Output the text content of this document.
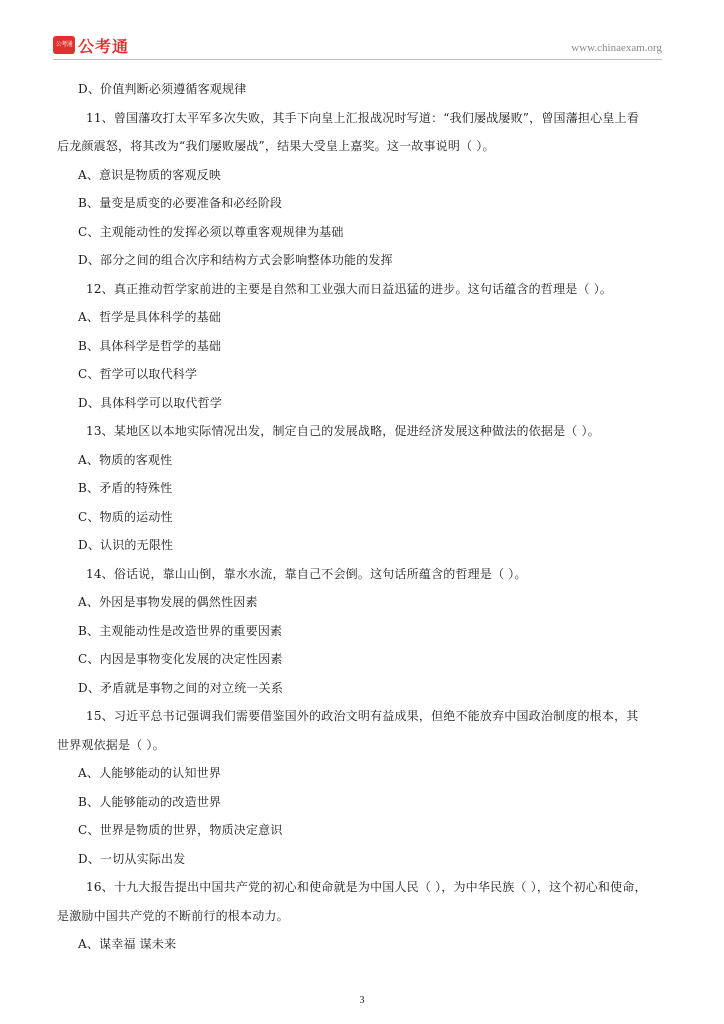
公考通 公考通	www.chinaexam.org
D、价值判断必须遵循客观规律
11、曾国藩攻打太平军多次失败，其手下向皇上汇报战况时写道：“我们屡战屡败”，曾国藩担心皇上看
后龙颜震怒，将其改为“我们屡败屡战”，结果大受皇上嘉奖。这一故事说明（ ）。
A、意识是物质的客观反映
B、量变是质变的必要准备和必经阶段
C、主观能动性的发挥必须以尊重客观规律为基础
D、部分之间的组合次序和结构方式会影响整体功能的发挥
12、真正推动哲学家前进的主要是自然和工业强大而日益迅猛的进步。这句话蕴含的哲理是（ ）。
A、哲学是具体科学的基础
B、具体科学是哲学的基础
C、哲学可以取代科学
D、具体科学可以取代哲学
13、某地区以本地实际情况出发，制定自己的发展战略，促进经济发展这种做法的依据是（ ）。
A、物质的客观性
B、矛盾的特殊性
C、物质的运动性
D、认识的无限性
14、俗话说，靠山山倒，靠水水流，靠自己不会倒。这句话所蕴含的哲理是（ ）。
A、外因是事物发展的偶然性因素
B、主观能动性是改造世界的重要因素
C、内因是事物变化发展的决定性因素
D、矛盾就是事物之间的对立统一关系
15、习近平总书记强调我们需要借鉴国外的政治文明有益成果，但绝不能放弃中国政治制度的根本，其
世界观依据是（ ）。
A、人能够能动的认知世界
B、人能够能动的改造世界
C、世界是物质的世界，物质决定意识
D、一切从实际出发
16、十九大报告提出中国共产党的初心和使命就是为中国人民（ ），为中华民族（ ），这个初心和使命，
是激励中国共产党的不断前行的根本动力。
A、谋幸福 谋未来
3
